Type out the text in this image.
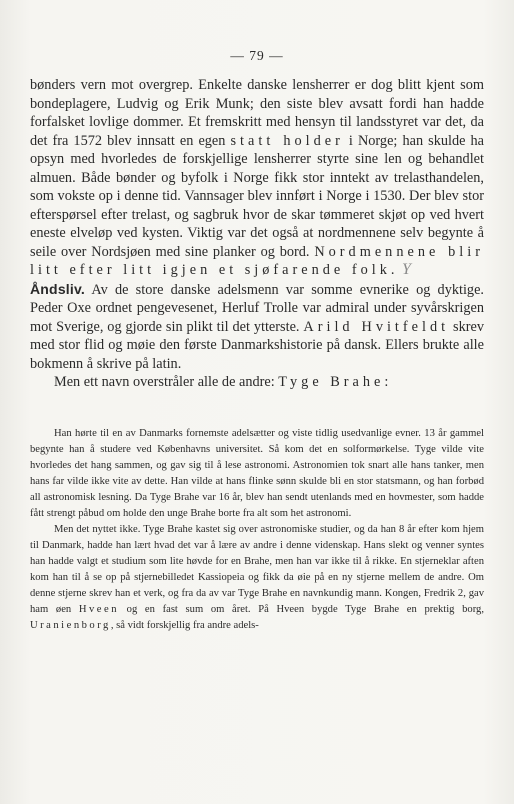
— 79 —

bønders vern mot overgrep. Enkelte danske lensherrer er dog blitt kjent som bondeplagere, Ludvig og Erik Munk; den siste blev avsatt fordi han hadde forfalsket lovlige dommer. Et fremskritt med hensyn til landsstyret var det, da det fra 1572 blev innsatt en egen statt holder i Norge; han skulde ha opsyn med hvorledes de forskjellige lensherrer styrte sine len og behandlet almuen. Både bønder og byfolk i Norge fikk stor inntekt av trelasthandelen, som vokste op i denne tid. Vannsager blev innført i Norge i 1530. Der blev stor efterspørsel efter trelast, og sagbruk hvor de skar tømmeret skjøt op ved hvert eneste elveløp ved kysten. Viktig var det også at nordmennene selv begynte å seile over Nordsjøen med sine planker og bord. Nordmennene blir litt efter litt igjen et sjøfarende folk. Y

Åndsliv. Av de store danske adelsmenn var somme evnerike og dyktige. Peder Oxe ordnet pengevesenet, Herluf Trolle var admiral under syvårskrigen mot Sverige, og gjorde sin plikt til det ytterste. Arild Hvitfeldt skrev med stor flid og møie den første Danmarkshistorie på dansk. Ellers brukte alle bokmenn å skrive på latin.

Men ett navn overstråler alle de andre: Tyge Brahe:

Han hørte til en av Danmarks fornemste adelsætter og viste tidlig usedvanlige evner. 13 år gammel begynte han å studere ved Københavns universitet. Så kom det en solformørkelse. Tyge vilde vite hvorledes det hang sammen, og gav sig til å lese astronomi. Astronomien tok snart alle hans tanker, men hans far vilde ikke vite av dette. Han vilde at hans flinke sønn skulde bli en stor statsmann, og han forbød all astronomisk lesning. Da Tyge Brahe var 16 år, blev han sendt utenlands med en hovmester, som hadde fått strengt påbud om holde den unge Brahe borte fra alt som het astronomi.

Men det nyttet ikke. Tyge Brahe kastet sig over astronomiske studier, og da han 8 år efter kom hjem til Danmark, hadde han lært hvad det var å lære av andre i denne videnskap. Hans slekt og venner syntes han hadde valgt et studium som lite høvde for en Brahe, men han var ikke til å rikke. En stjerneklar aften kom han til å se op på stjernebilledet Kassiopeia og fikk da øie på en ny stjerne mellem de andre. Om denne stjerne skrev han et verk, og fra da av var Tyge Brahe en navnkundig mann. Kongen, Fredrik 2, gav ham øen Hveen og en fast sum om året. På Hveen bygde Tyge Brahe en prektig borg, Uranienborg, så vidt forskjellig fra andre adels-
